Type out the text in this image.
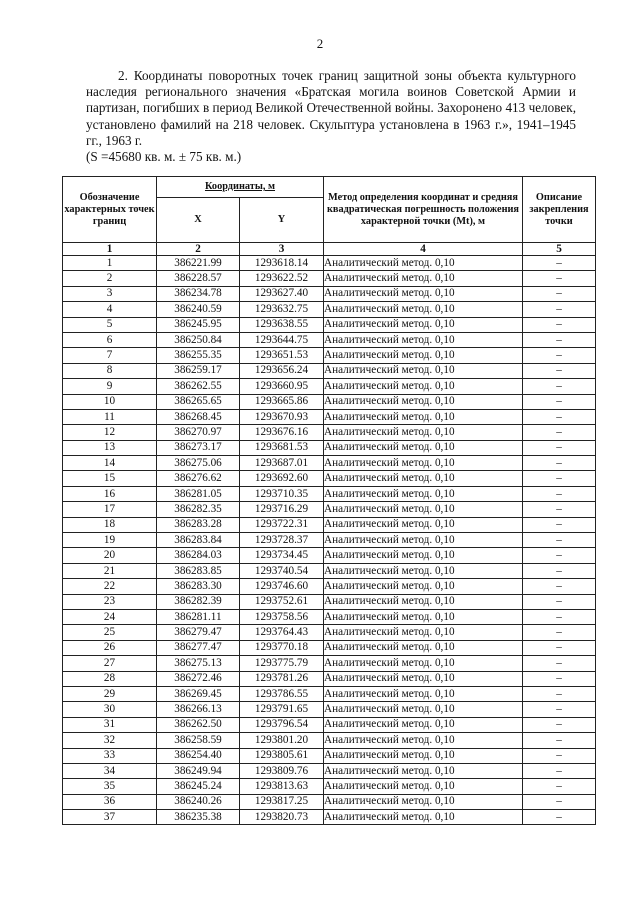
2
2. Координаты поворотных точек границ защитной зоны объекта культурного наследия регионального значения «Братская могила воинов Советской Армии и партизан, погибших в период Великой Отечественной войны. Захоронено 413 человек, установлено фамилий на 218 человек. Скульптура установлена в 1963 г.», 1941–1945 гг., 1963 г.
(S =45680 кв. м. ± 75 кв. м.)
Обозначение характерных точек границ	Координаты, м		Метод определения координат и средняя квадратическая погрешность положения характерной точки (Mt), м	Описание закрепления точки
	X	Y		
1	2	3	4	5
1	386221.99	1293618.14	Аналитический метод. 0,10	–
2	386228.57	1293622.52	Аналитический метод. 0,10	–
3	386234.78	1293627.40	Аналитический метод. 0,10	–
4	386240.59	1293632.75	Аналитический метод. 0,10	–
5	386245.95	1293638.55	Аналитический метод. 0,10	–
6	386250.84	1293644.75	Аналитический метод. 0,10	–
7	386255.35	1293651.53	Аналитический метод. 0,10	–
8	386259.17	1293656.24	Аналитический метод. 0,10	–
9	386262.55	1293660.95	Аналитический метод. 0,10	–
10	386265.65	1293665.86	Аналитический метод. 0,10	–
11	386268.45	1293670.93	Аналитический метод. 0,10	–
12	386270.97	1293676.16	Аналитический метод. 0,10	–
13	386273.17	1293681.53	Аналитический метод. 0,10	–
14	386275.06	1293687.01	Аналитический метод. 0,10	–
15	386276.62	1293692.60	Аналитический метод. 0,10	–
16	386281.05	1293710.35	Аналитический метод. 0,10	–
17	386282.35	1293716.29	Аналитический метод. 0,10	–
18	386283.28	1293722.31	Аналитический метод. 0,10	–
19	386283.84	1293728.37	Аналитический метод. 0,10	–
20	386284.03	1293734.45	Аналитический метод. 0,10	–
21	386283.85	1293740.54	Аналитический метод. 0,10	–
22	386283.30	1293746.60	Аналитический метод. 0,10	–
23	386282.39	1293752.61	Аналитический метод. 0,10	–
24	386281.11	1293758.56	Аналитический метод. 0,10	–
25	386279.47	1293764.43	Аналитический метод. 0,10	–
26	386277.47	1293770.18	Аналитический метод. 0,10	–
27	386275.13	1293775.79	Аналитический метод. 0,10	–
28	386272.46	1293781.26	Аналитический метод. 0,10	–
29	386269.45	1293786.55	Аналитический метод. 0,10	–
30	386266.13	1293791.65	Аналитический метод. 0,10	–
31	386262.50	1293796.54	Аналитический метод. 0,10	–
32	386258.59	1293801.20	Аналитический метод. 0,10	–
33	386254.40	1293805.61	Аналитический метод. 0,10	–
34	386249.94	1293809.76	Аналитический метод. 0,10	–
35	386245.24	1293813.63	Аналитический метод. 0,10	–
36	386240.26	1293817.25	Аналитический метод. 0,10	–
37	386235.38	1293820.73	Аналитический метод. 0,10	–
